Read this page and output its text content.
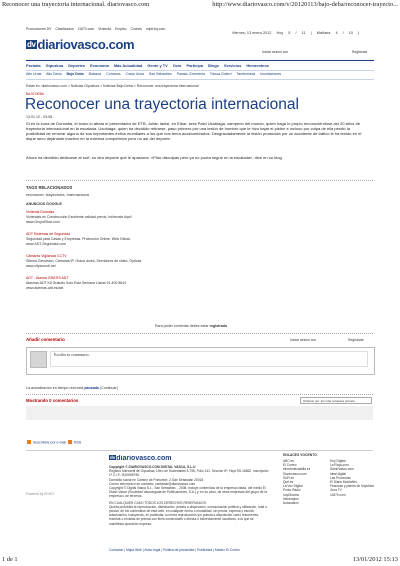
Reconocer una trayectoria internacional. diariovasco.com	http://www.diariovasco.com/v/20120113/bajo-deba/reconocer-trayecto...
Promociones DV Clasificados 11870.com Vivienda Empleo Coches miplHoy.com
dv diariovasco.com
Viernes, 13 enero 2012 Hoy 5 / 11 | Mañana 4 / 10 |
Iniciar sesión con	Registrate
Portada Gipuzkoa Deportes Economía Más Actualidad Gente y TV Ocio Participa Blogs Servicios Hemeroteca
Alto Urola Alto Deba Bajo Deba Bidasoa Comarca Costa Urola San Sebastián Pasaia -Errenteria Tolosa-Goierri Tamborrada Inundaciones
Estás en: diariovasco.com > Noticias Gipuzkoa > Noticias Bajo Deba > Reconocer una trayectoria internacional
BAJO DEBA
Reconocer una trayectoria internacional
13.01.12 - 03:08 -
Si en la zona de Donostia, el txoko lo atraía el presentador de ETB, Julián Iantzi, en Eibar, será Patxi Usobiaga, campeón del mundo, quien haga lo propio reconociéndose así 20 años de trayectoria internacional en la escalada. Usobiaga, quien ha decidido retirarse, paso primero por una lesión de hombro que le hizo bajar el pistón e incluso por culpa de ella perdió la posibilidad de renovar alguno de sus importantes éxitos mundiales a los que nos tenía acostumbrados. Desgraciadamente la lesión producida por un accidente de tráfico le ha tenido en el dique seco dejándole inactivo en la máxima competición pero no así del deporte.
Ahora ha decidido dedicarse al surf, su otro deporte que le apasiona. «Pido disculpas pero ya no podía seguir en la escalada», dice en su blog.
TAGS RELACIONADOS
reconocer, trayectoria, internacional
ANUNCIOS GOOGLE
Vivienda Donostia
Viviendas en Construcción Excelente calidad-precio. Infórmate Aquí!
www.GrupoEibar.com
ADT Sistemas de Seguridad
Seguridad para Casas y Empresas. Protección Online. Web Oficial.
www.ADT-Seguridad.com
Cámaras Vigilancia CCTV
Sitema Geovision, Cámaras IP, Grava dores, Servidores de video, Ópticas
www.cityscundi.net
ADT - Alarma GRATIS ADT
Alarmas ADT Kit Gratuito Solo Esta Semana Llama 91-400 8644
www.alarmas-adt.es/adt
Para poder comentar debes estar registrado
Añadir comentario	Iniciar sesión con	Regístrate
Escriba su comentario.
La actualización en tiempo real está pausada (Continuar)
Mostrando 0 comentarios	Ordenar por: los más recientes primero
Suscribete por e-mail RSS
Powered by ECHO
dvdiariovasco.com
Copyright © DIARIOVASCO.COM DIGITAL VASCA, S.L.U
Registro Mercantil de Gipuzkoa, Libro de Sociedades 5.796, Folio 141, Sección 8ª, Hoja SS-16652, Inscripción 1ª C.I.F.: B20698798
Domicilio social en Camino de Portuetxe, 2-San Sebastián 20018
Correo electrónico de contacto: contactar@diariovasco.com
Copyright © Digital Vasca S.L., San Sebastián. , 2008. Incluye contenidos de la empresa citada, del medio El Diario Vasco (Sociedad Vascongada de Publicaciones, S.A.) y, en su caso, de otras empresas del grupo de la empresa o de terceros.
EN CUALQUIER CASO TODOS LOS DERECHOS RESERVADOS:
Queda prohibida la reproducción, distribución, puesta a disposición, comunicación pública y utilización, total o parcial, de los contenidos de esta web, en cualquier forma o modalidad, sin previa, expresa y escrita autorización, incluyendo, en particular, su mera reproducción y/o puesta a disposición como resúmenes, reseñas o revistas de prensa con fines comerciales o directa o indirectamente lucrativos, a la que se manifiesta oposición expresa.
Contactar | Mapa Web | Aviso legal | Política de privacidad | Publicidad | Master El Correo
ENLACES VOCENTO
ABC.es
El Correo
elnortedecastilla.es
Diariovasco.com
SUR.es
Qué.es
La Voz Digital
Punto Radio
hoyDinamo
Infoempleo
Autocasion
Hoy Digital
La Rioja.com
DiarioVasco.com
ideal digital
Las Provincias
El Diario Montañés
Finanzas y planes de hoyMotor
Guía TV
11870.com
1 de 1	13/01/2012 15:13
